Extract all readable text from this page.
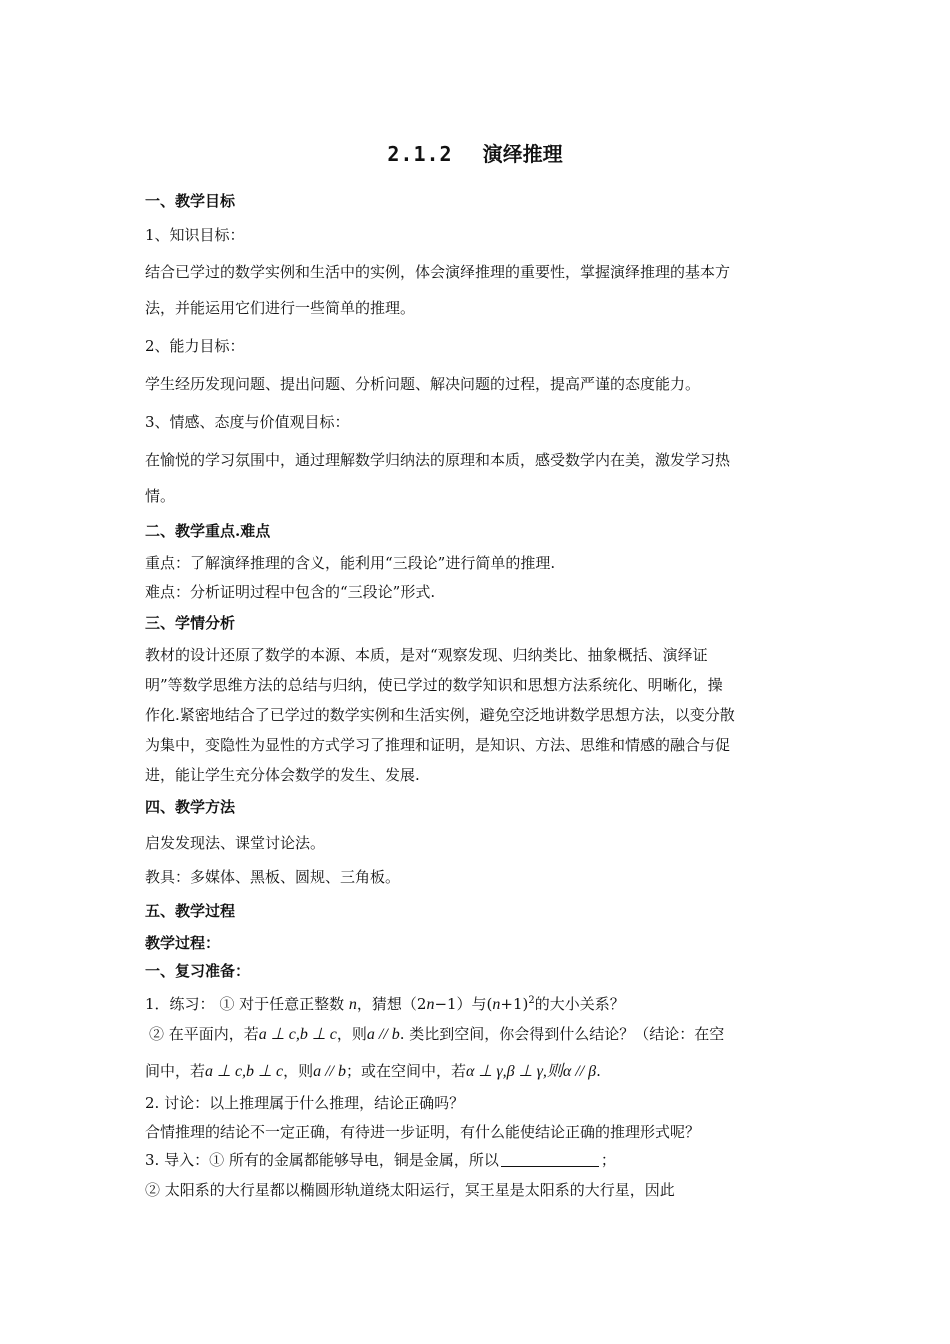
2.1.2 演绎推理
一、教学目标
1、知识目标：
结合已学过的数学实例和生活中的实例，体会演绎推理的重要性，掌握演绎推理的基本方
法，并能运用它们进行一些简单的推理。
2、能力目标：
学生经历发现问题、提出问题、分析问题、解决问题的过程，提高严谨的态度能力。
3、情感、态度与价值观目标：
在愉悦的学习氛围中，通过理解数学归纳法的原理和本质，感受数学内在美，激发学习热
情。
二、教学重点.难点
重点：了解演绎推理的含义，能利用“三段论”进行简单的推理.
难点：分析证明过程中包含的“三段论”形式.
三、学情分析
教材的设计还原了数学的本源、本质，是对“观察发现、归纳类比、抽象概括、演绎证
明”等数学思维方法的总结与归纳，使已学过的数学知识和思想方法系统化、明晰化，操
作化.紧密地结合了已学过的数学实例和生活实例，避免空泛地讲数学思想方法，以变分散
为集中，变隐性为显性的方式学习了推理和证明，是知识、方法、思维和情感的融合与促
进，能让学生充分体会数学的发生、发展.
四、教学方法
启发发现法、课堂讨论法。
教具：多媒体、黑板、圆规、三角板。
五、教学过程
教学过程：
一、复习准备：
1．练习： ① 对于任意正整数 n，猜想（2n−1）与$(n+1)^2$的大小关系？
② 在平面内，若a ⊥ c,b ⊥ c，则a // b. 类比到空间，你会得到什么结论？（结论：在空
间中，若a ⊥ c,b ⊥ c，则a // b；或在空间中，若α ⊥ γ,β ⊥ γ,则α // β.
2. 讨论：以上推理属于什么推理，结论正确吗？
合情推理的结论不一定正确，有待进一步证明，有什么能使结论正确的推理形式呢？
3. 导入：① 所有的金属都能够导电，铜是金属，所以	；
② 太阳系的大行星都以椭圆形轨道绕太阳运行，冥王星是太阳系的大行星，因此
